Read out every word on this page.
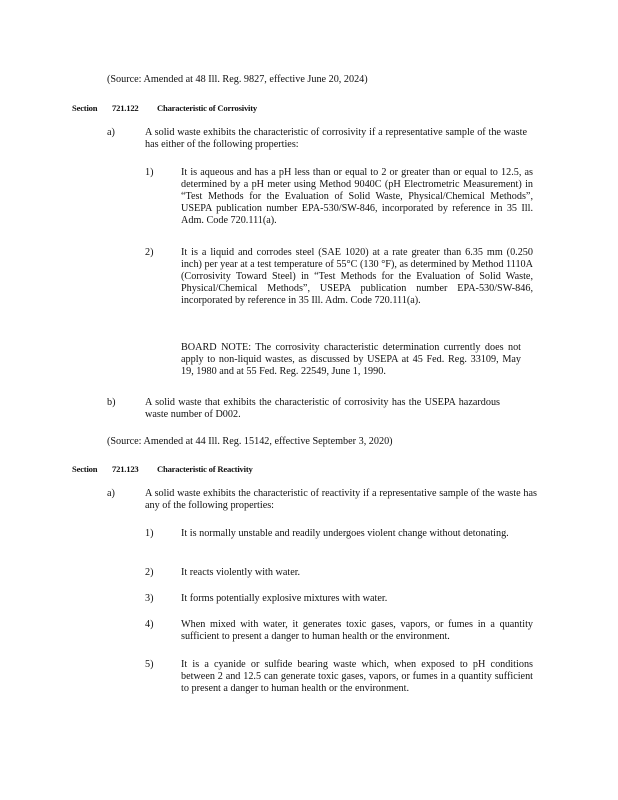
(Source: Amended at 48 Ill. Reg. 9827, effective June 20, 2024)
Section 721.122 Characteristic of Corrosivity
a)	A solid waste exhibits the characteristic of corrosivity if a representative sample of the waste has either of the following properties:
1)	It is aqueous and has a pH less than or equal to 2 or greater than or equal to 12.5, as determined by a pH meter using Method 9040C (pH Electrometric Measurement) in “Test Methods for the Evaluation of Solid Waste, Physical/Chemical Methods”, USEPA publication number EPA-530/SW-846, incorporated by reference in 35 Ill. Adm. Code 720.111(a).
2)	It is a liquid and corrodes steel (SAE 1020) at a rate greater than 6.35 mm (0.250 inch) per year at a test temperature of 55°C (130 °F), as determined by Method 1110A (Corrosivity Toward Steel) in “Test Methods for the Evaluation of Solid Waste, Physical/Chemical Methods”, USEPA publication number EPA-530/SW-846, incorporated by reference in 35 Ill. Adm. Code 720.111(a).
BOARD NOTE: The corrosivity characteristic determination currently does not apply to non-liquid wastes, as discussed by USEPA at 45 Fed. Reg. 33109, May 19, 1980 and at 55 Fed. Reg. 22549, June 1, 1990.
b)	A solid waste that exhibits the characteristic of corrosivity has the USEPA hazardous waste number of D002.
(Source: Amended at 44 Ill. Reg. 15142, effective September 3, 2020)
Section 721.123 Characteristic of Reactivity
a)	A solid waste exhibits the characteristic of reactivity if a representative sample of the waste has any of the following properties:
1)	It is normally unstable and readily undergoes violent change without detonating.
2)	It reacts violently with water.
3)	It forms potentially explosive mixtures with water.
4)	When mixed with water, it generates toxic gases, vapors, or fumes in a quantity sufficient to present a danger to human health or the environment.
5)	It is a cyanide or sulfide bearing waste which, when exposed to pH conditions between 2 and 12.5 can generate toxic gases, vapors, or fumes in a quantity sufficient to present a danger to human health or the environment.
